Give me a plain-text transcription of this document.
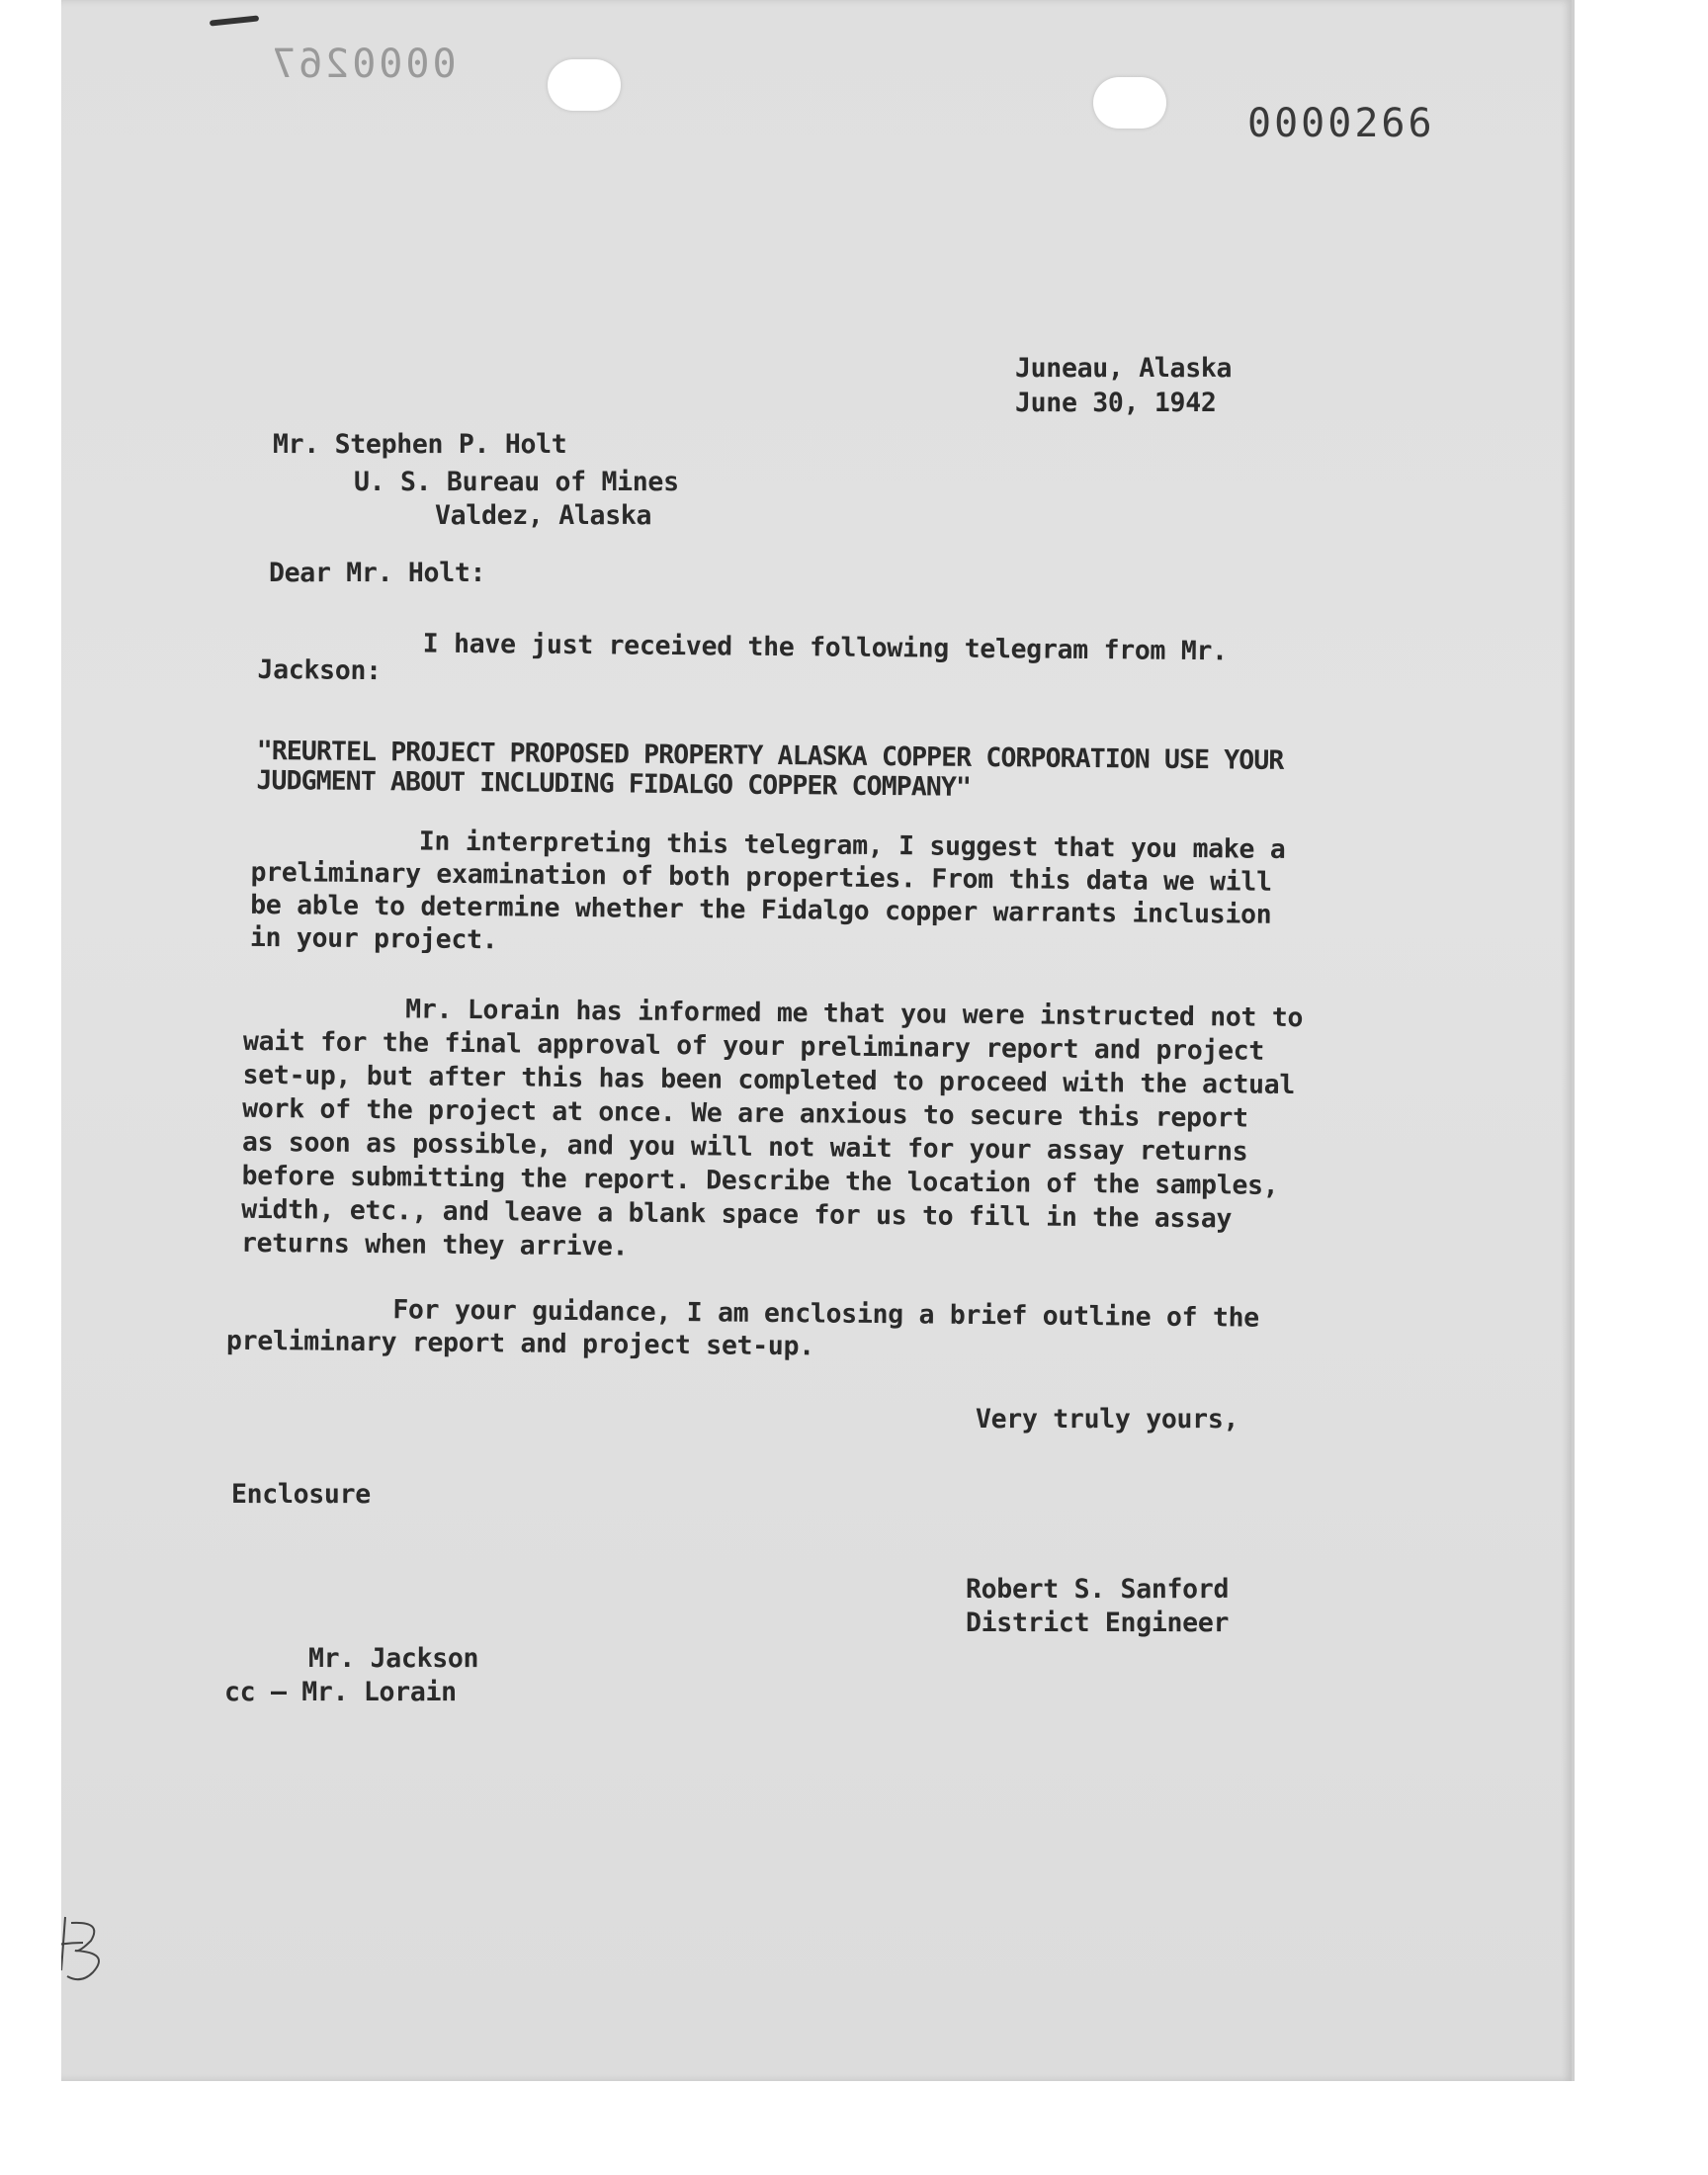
0000267
0000266
Juneau, Alaska
June 30, 1942
Mr. Stephen P. Holt
U. S. Bureau of Mines
Valdez, Alaska
Dear Mr. Holt:
I have just received the following telegram from Mr.
Jackson:
"REURTEL PROJECT PROPOSED PROPERTY ALASKA COPPER CORPORATION USE YOUR
JUDGMENT ABOUT INCLUDING FIDALGO COPPER COMPANY"
In interpreting this telegram, I suggest that you make a
preliminary examination of both properties. From this data we will
be able to determine whether the Fidalgo copper warrants inclusion
in your project.
Mr. Lorain has informed me that you were instructed not to
wait for the final approval of your preliminary report and project
set-up, but after this has been completed to proceed with the actual
work of the project at once. We are anxious to secure this report
as soon as possible, and you will not wait for your assay returns
before submitting the report. Describe the location of the samples,
width, etc., and leave a blank space for us to fill in the assay
returns when they arrive.
For your guidance, I am enclosing a brief outline of the
preliminary report and project set-up.
Very truly yours,
Enclosure
Robert S. Sanford
District Engineer
Mr. Jackson
cc – Mr. Lorain
